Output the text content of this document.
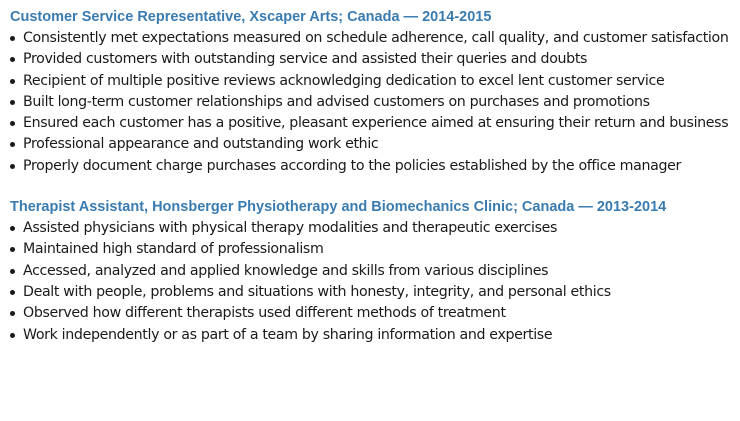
Customer Service Representative, Xscaper Arts; Canada — 2014-2015
Consistently met expectations measured on schedule adherence, call quality, and customer satisfaction
Provided customers with outstanding service and assisted their queries and doubts
Recipient of multiple positive reviews acknowledging dedication to excel lent customer service
Built long-term customer relationships and advised customers on purchases and promotions
Ensured each customer has a positive, pleasant experience aimed at ensuring their return and business
Professional appearance and outstanding work ethic
Properly document charge purchases according to the policies established by the office manager
Therapist Assistant, Honsberger Physiotherapy and Biomechanics Clinic; Canada — 2013-2014
Assisted physicians with physical therapy modalities and therapeutic exercises
Maintained high standard of professionalism
Accessed, analyzed and applied knowledge and skills from various disciplines
Dealt with people, problems and situations with honesty, integrity, and personal ethics
Observed how different therapists used different methods of treatment
Work independently or as part of a team by sharing information and expertise
